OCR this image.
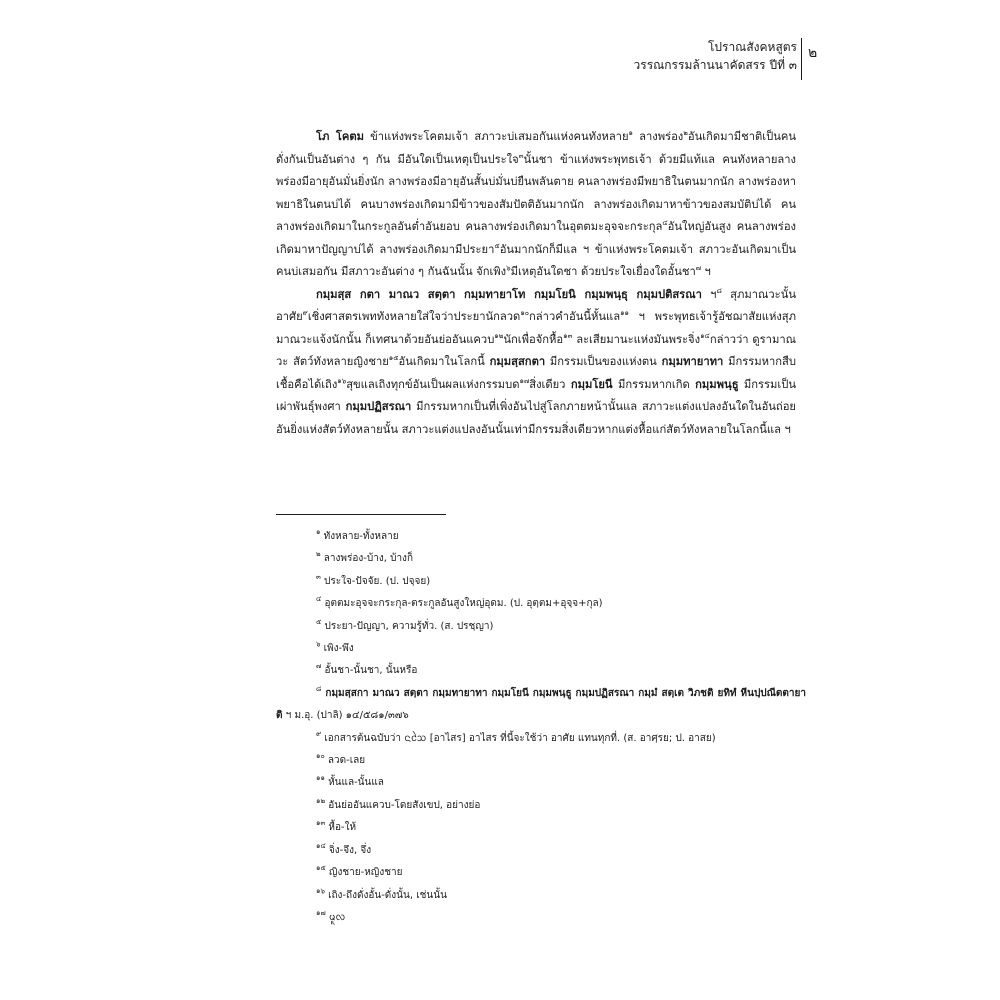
โปราณสังคหสูตร
วรรณกรรมล้านนาคัดสรร ปีที่ ๓
๒

โภ โคตม ข้าแห่งพระโคตมเจ้า สภาวะบ่เสมอกันแห่งคนทังหลาย$^๑$ ลางพร่อง$^๒$อันเกิดมามีชาติเป็นคนดั่งกันเป็นอันต่าง ๆ กัน มีอันใดเป็นเหตุเป็นประใจ$^๓$นั้นชา ข้าแห่งพระพุทธเจ้า ด้วยมีแท้แล คนทังหลายลางพร่องมีอายุอันมั่นยิ่งนัก ลางพร่องมีอายุอันสั้นบ่มั่นบ่ยืนพลันตาย คนลางพร่องมีพยาธิในตนมากนัก ลางพร่องหาพยาธิในตนบ่ได้ คนบางพร่องเกิดมามีข้าวของสัมปัตติอันมากนัก ลางพร่องเกิดมาหาข้าวของสมบัติบ่ได้ คนลางพร่องเกิดมาในกระกูลอันต่ำอันยอบ คนลางพร่องเกิดมาในอุตตมะอุจจะกระกุล$^๔$อันใหญ่อันสูง คนลางพร่องเกิดมาหาปัญญาบ่ได้ ลางพร่องเกิดมามีประยา$^๕$อันมากนักก็มีแล ฯ ข้าแห่งพระโคตมเจ้า สภาวะอันเกิดมาเป็นคนบ่เสมอกัน มีสภาวะอันต่าง ๆ กันฉันนั้น จักเพิง$^๖$มีเหตุอันใดชา ด้วยประใจเยื่องใดอั้นชา$^๗$ ฯ

กมฺมสฺส กตา มาณว สตฺตา กมฺมทายาโท กมฺมโยนิ กมฺมพนฺธุ กมฺมปติสรณา ฯ$^๘$ สุภมาณวะนั้นอาศัย$^๙$เชิ่งศาสตรเพททังหลายใส่ใจว่าประยานักลวด$^{๑๐}$กล่าวคำอันนี้หั้นแล$^{๑๑}$ ฯ พระพุทธเจ้ารู้อัชฌาสัยแห่งสุภมาณวะแจ้งนักนั้น ก็เทศนาด้วยอันย่ออันแควบ$^{๑๒}$นักเพื่อจักหื้อ$^{๑๓}$ ละเสียมานะแห่งมันพระจิ่ง$^{๑๔}$กล่าวว่า ดูรามาณวะ สัตว์ทังหลายญิงชาย$^{๑๕}$อันเกิดมาในโลกนี้ กมฺมสฺสกตา มีกรรมเป็นของแห่งตน กมฺมทายาทา มีกรรมหากสืบเชื้อคือได้เถิง$^{๑๖}$สุขแลเถิงทุกข์อันเป็นผลแห่งกรรมบด$^{๑๗}$สิ่งเดียว กมฺมโยนี มีกรรมหากเกิด กมฺมพนฺธู มีกรรมเป็นเผ่าพันธุ์พงศา กมฺมปฏิสรณา มีกรรมหากเป็นที่เพิ่งอันไปสู่โลกภายหน้านั้นแล สภาวะแต่งแปลงอันใดในอันถ่อยอันยิ่งแห่งสัตว์ทังหลายนั้น สภาวะแต่งแปลงอันนั้นเท่ามีกรรมสิ่งเดียวหากแต่งหื้อแก่สัตว์ทังหลายในโลกนี้แล ฯ

$^๑$ ทังหลาย-ทั้งหลาย

$^๒$ ลางพร่อง-บ้าง, บ้างก็

$^๓$ ประใจ-ปัจจัย. (ป. ปจฺจย)

$^๔$ อุตตมะอุจจะกระกุล-ตระกูลอันสูงใหญ่อุดม. (ป. อุตฺตม+อุจฺจ+กุล)

$^๕$ ประยา-ปัญญา, ความรู้ทั่ว. (ส. ปรชฺญา)

$^๖$ เพิง-พึง

$^๗$ อั้นชา-นั้นชา, นั้นหรือ

$^๘$ กมฺมสฺสกา มาณว สตฺตา กมฺมทายาทา กมฺมโยนี กมฺมพนฺธู กมฺมปฏิสรณา กมฺมํ สตฺเต วิภชติ ยทิทํ หีนปฺปณีตตายาติ ฯ ม.อุ. (ปาลิ) ๑๔/๕๘๑/๓๗๖

$^๙$ เอกสารต้นฉบับว่า ᨶᩈᩱ [อาไสร] อาไสร ที่นี้จะใช้ว่า อาศัย แทนทุกที่. (ส. อาศฺรย; ป. อาสย)

$^{๑๐}$ ลวด-เลย

$^{๑๑}$ หั้นแล-นั้นแล

$^{๑๒}$ อันย่ออันแควบ-โดยสังเขป, อย่างย่อ

$^{๑๓}$ หื้อ-ให้

$^{๑๔}$ จิ่ง-จึง, จึ่ง

$^{๑๕}$ ญิงชาย-หญิงชาย

$^{๑๖}$ เถิง-ถึงดั่งอั้น-ดั่งนั้น, เช่นนั้น

$^{๑๗}$ ᨾᩪᩃ
